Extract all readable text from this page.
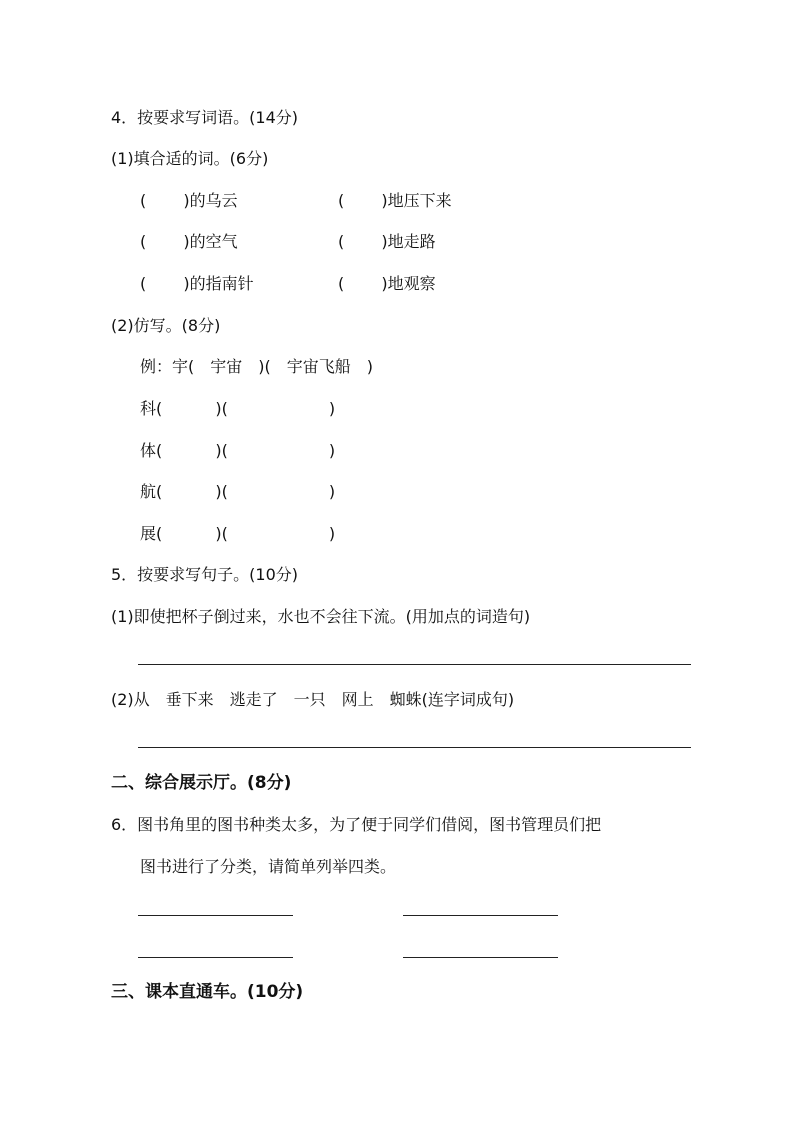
4．按要求写词语。(14分)
(1)填合适的词。(6分)
(　　 )的乌云	(　　 )地压下来
(　　 )的空气	(　　 )地走路
(　　 )的指南针	(　　 )地观察
(2)仿写。(8分)
例：宇(　宇宙　)(　宇宙飞船　)
科(　　　 )(　　　　　　 )
体(　　　 )(　　　　　　 )
航(　　　 )(　　　　　　 )
展(　　　 )(　　　　　　 )
5．按要求写句子。(10分)
(1)即使把杯子倒过来，水也不会往下流。(用加点的词造句)
(2)从　垂下来　逃走了　一只　网上　蜘蛛(连字词成句)
二、综合展示厅。(8分)
6．图书角里的图书种类太多，为了便于同学们借阅，图书管理员们把
图书进行了分类，请简单列举四类。
三、课本直通车。(10分)
